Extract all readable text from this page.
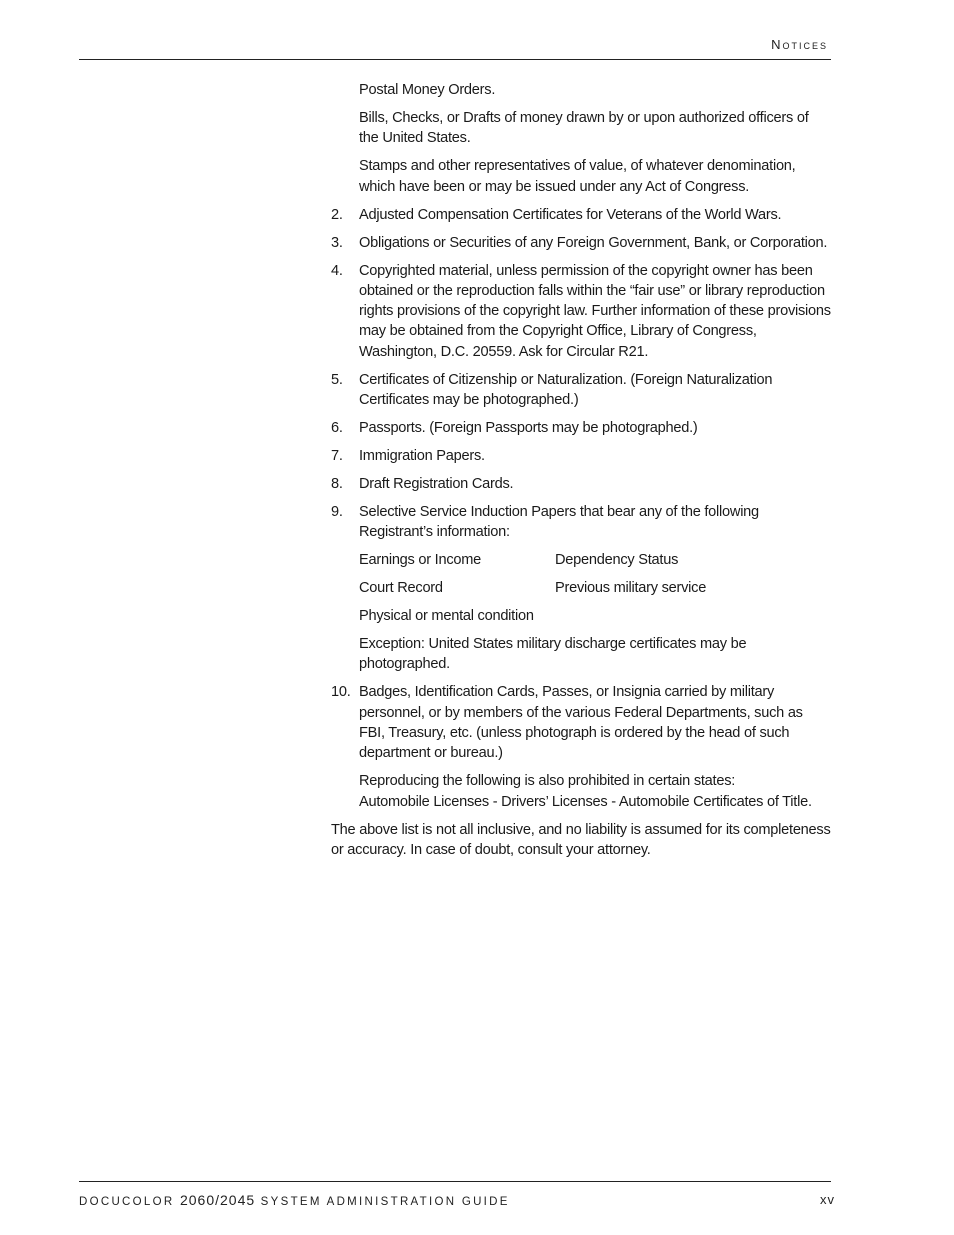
Notices

Postal Money Orders.

Bills, Checks, or Drafts of money drawn by or upon authorized officers of the United States.

Stamps and other representatives of value, of whatever denomination, which have been or may be issued under any Act of Congress.

2.	Adjusted Compensation Certificates for Veterans of the World Wars.
3.	Obligations or Securities of any Foreign Government, Bank, or Corporation.
4.	Copyrighted material, unless permission of the copyright owner has been obtained or the reproduction falls within the “fair use” or library reproduction rights provisions of the copyright law. Further information of these provisions may be obtained from the Copyright Office, Library of Congress, Washington, D.C. 20559. Ask for Circular R21.
5.	Certificates of Citizenship or Naturalization. (Foreign Naturalization Certificates may be photographed.)
6.	Passports. (Foreign Passports may be photographed.)
7.	Immigration Papers.
8.	Draft Registration Cards.
9.	Selective Service Induction Papers that bear any of the following Registrant’s information:
Earnings or Income	Dependency Status
Court Record	Previous military service

Physical or mental condition

Exception: United States military discharge certificates may be photographed.

10. Badges, Identification Cards, Passes, or Insignia carried by military personnel, or by members of the various Federal Departments, such as FBI, Treasury, etc. (unless photograph is ordered by the head of such department or bureau.)

Reproducing the following is also prohibited in certain states:
Automobile Licenses - Drivers’ Licenses - Automobile Certificates of Title.

The above list is not all inclusive, and no liability is assumed for its completeness or accuracy. In case of doubt, consult your attorney.

DOCUCOLOR 2060/2045 SYSTEM ADMINISTRATION GUIDE	xv
